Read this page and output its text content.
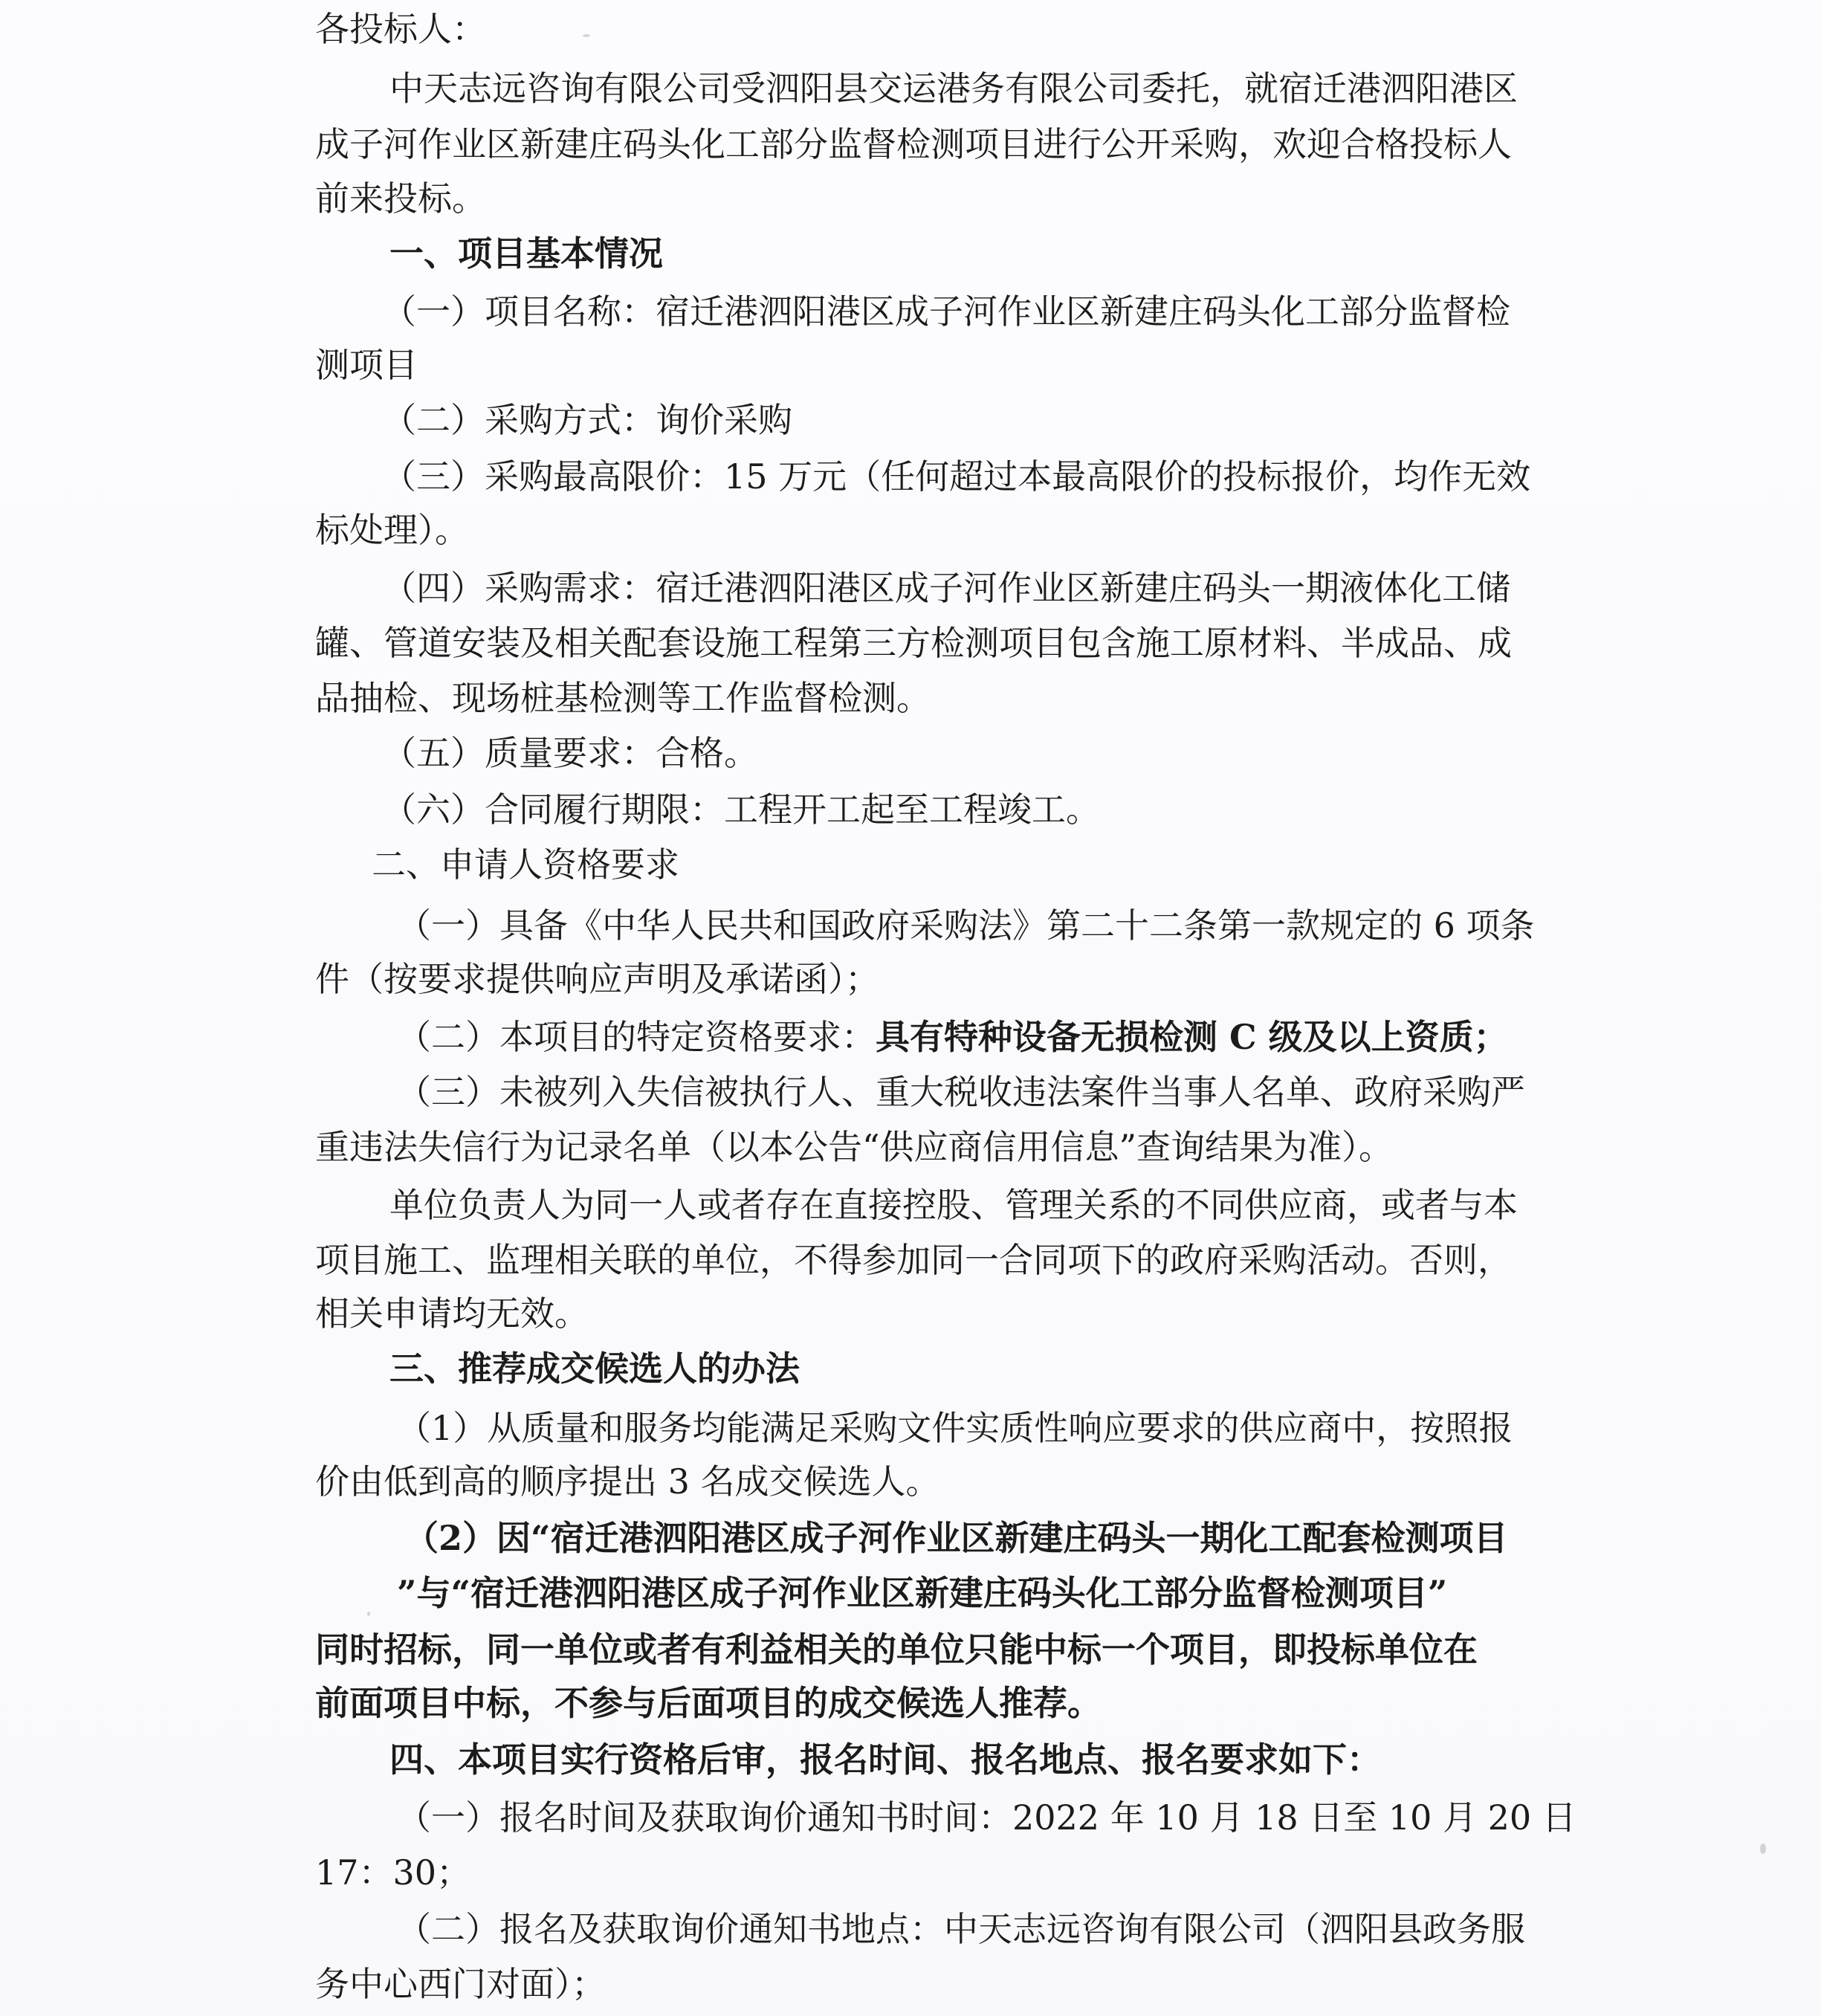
各投标人：
中天志远咨询有限公司受泗阳县交运港务有限公司委托，就宿迁港泗阳港区
成子河作业区新建庄码头化工部分监督检测项目进行公开采购，欢迎合格投标人
前来投标。
一、项目基本情况
（一）项目名称：宿迁港泗阳港区成子河作业区新建庄码头化工部分监督检
测项目
（二）采购方式：询价采购
（三）采购最高限价：15 万元（任何超过本最高限价的投标报价，均作无效
标处理）。
（四）采购需求：宿迁港泗阳港区成子河作业区新建庄码头一期液体化工储
罐、管道安装及相关配套设施工程第三方检测项目包含施工原材料、半成品、成
品抽检、现场桩基检测等工作监督检测。
（五）质量要求：合格。
（六）合同履行期限：工程开工起至工程竣工。
二、申请人资格要求
（一）具备《中华人民共和国政府采购法》第二十二条第一款规定的 6 项条
件（按要求提供响应声明及承诺函）；
（二）本项目的特定资格要求：具有特种设备无损检测 C 级及以上资质；
（三）未被列入失信被执行人、重大税收违法案件当事人名单、政府采购严
重违法失信行为记录名单（以本公告“供应商信用信息”查询结果为准）。
单位负责人为同一人或者存在直接控股、管理关系的不同供应商，或者与本
项目施工、监理相关联的单位，不得参加同一合同项下的政府采购活动。否则，
相关申请均无效。
三、推荐成交候选人的办法
（1）从质量和服务均能满足采购文件实质性响应要求的供应商中，按照报
价由低到高的顺序提出 3 名成交候选人。
（2）因“宿迁港泗阳港区成子河作业区新建庄码头一期化工配套检测项目
”与“宿迁港泗阳港区成子河作业区新建庄码头化工部分监督检测项目”
同时招标，同一单位或者有利益相关的单位只能中标一个项目，即投标单位在
前面项目中标，不参与后面项目的成交候选人推荐。
四、本项目实行资格后审，报名时间、报名地点、报名要求如下：
（一）报名时间及获取询价通知书时间：2022 年 10 月 18 日至 10 月 20 日
17：30；
（二）报名及获取询价通知书地点：中天志远咨询有限公司（泗阳县政务服
务中心西门对面）；
